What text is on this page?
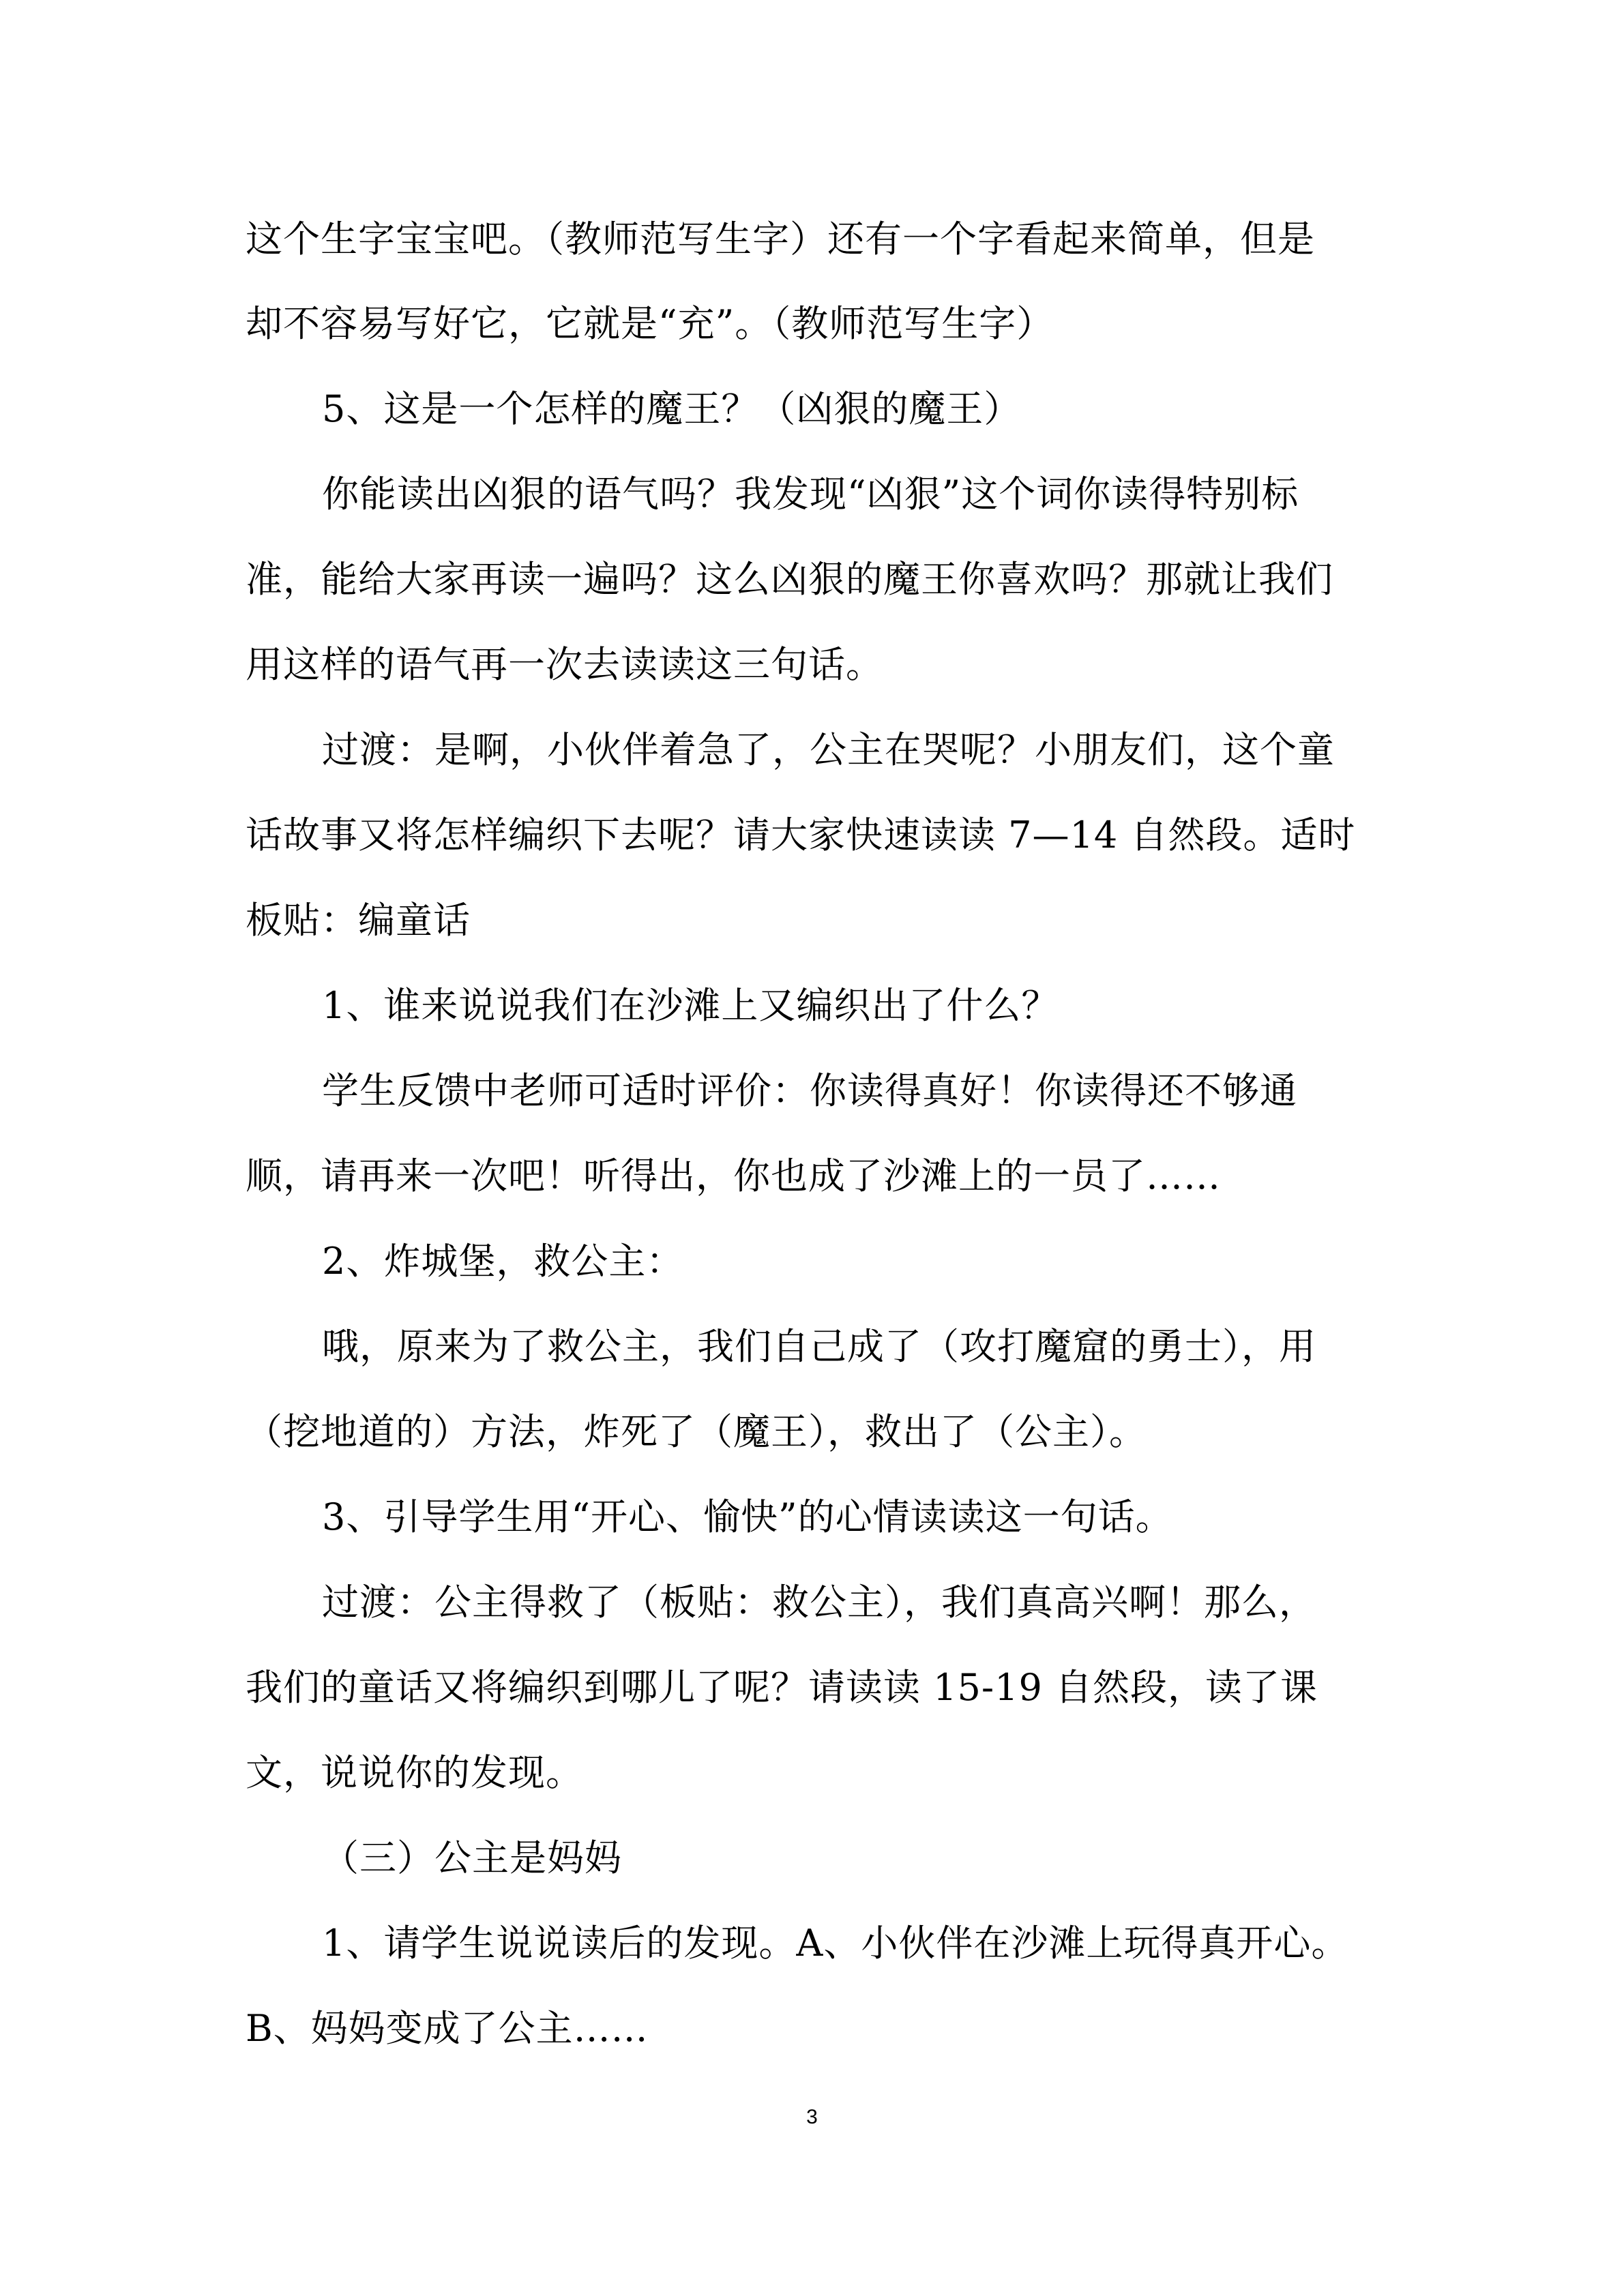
这个生字宝宝吧。（教师范写生字）还有一个字看起来简单，但是
却不容易写好它，它就是“充”。（教师范写生字）
5、这是一个怎样的魔王？（凶狠的魔王）
你能读出凶狠的语气吗？我发现“凶狠”这个词你读得特别标
准，能给大家再读一遍吗？这么凶狠的魔王你喜欢吗？那就让我们
用这样的语气再一次去读读这三句话。
过渡：是啊，小伙伴着急了，公主在哭呢？小朋友们，这个童
话故事又将怎样编织下去呢？请大家快速读读 7—14 自然段。适时
板贴：编童话
1、谁来说说我们在沙滩上又编织出了什么？
学生反馈中老师可适时评价：你读得真好！你读得还不够通
顺，请再来一次吧！听得出，你也成了沙滩上的一员了……
2、炸城堡，救公主：
哦，原来为了救公主，我们自己成了（攻打魔窟的勇士），用
（挖地道的）方法，炸死了（魔王），救出了（公主）。
3、引导学生用“开心、愉快”的心情读读这一句话。
过渡：公主得救了（板贴：救公主），我们真高兴啊！那么，
我们的童话又将编织到哪儿了呢？请读读 15-19 自然段，读了课
文，说说你的发现。
（三）公主是妈妈
1、请学生说说读后的发现。A、小伙伴在沙滩上玩得真开心。
B、妈妈变成了公主……
3
